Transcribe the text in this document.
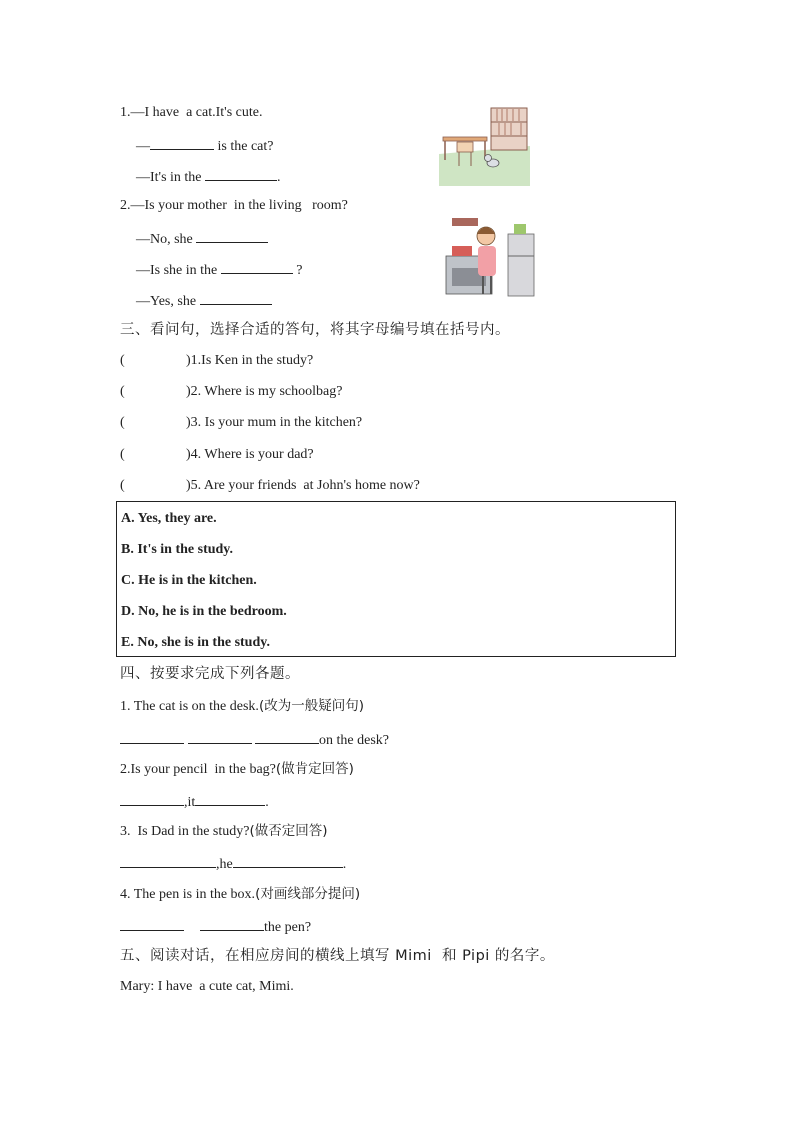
1.—I have  a cat.It's cute.
—	is the cat?
—It's in the	.
2.—Is your mother  in the living   room?
—No, she
—Is she in the	?
—Yes, she
三、看问句，选择合适的答句，将其字母编号填在括号内。
(	)1.Is Ken in the study?
(	)2. Where is my schoolbag?
(	)3. Is your mum in the kitchen?
(	)4. Where is your dad?
(	)5. Are your friends  at John's home now?
A. Yes, they are.
B. It's in the study.
C. He is in the kitchen.
D. No, he is in the bedroom.
E. No, she is in the study.
四、按要求完成下列各题。
1. The cat is on the desk.(改为一般疑问句)
on the desk?
2.Is your pencil  in the bag?(做肯定回答)
,it	.
3.  Is Dad in the study?(做否定回答)
,he	.
4. The pen is in the box.(对画线部分提问)
the pen?
五、阅读对话，在相应房间的横线上填写 Mimi  和 Pipi 的名字。
Mary: I have  a cute cat, Mimi.
